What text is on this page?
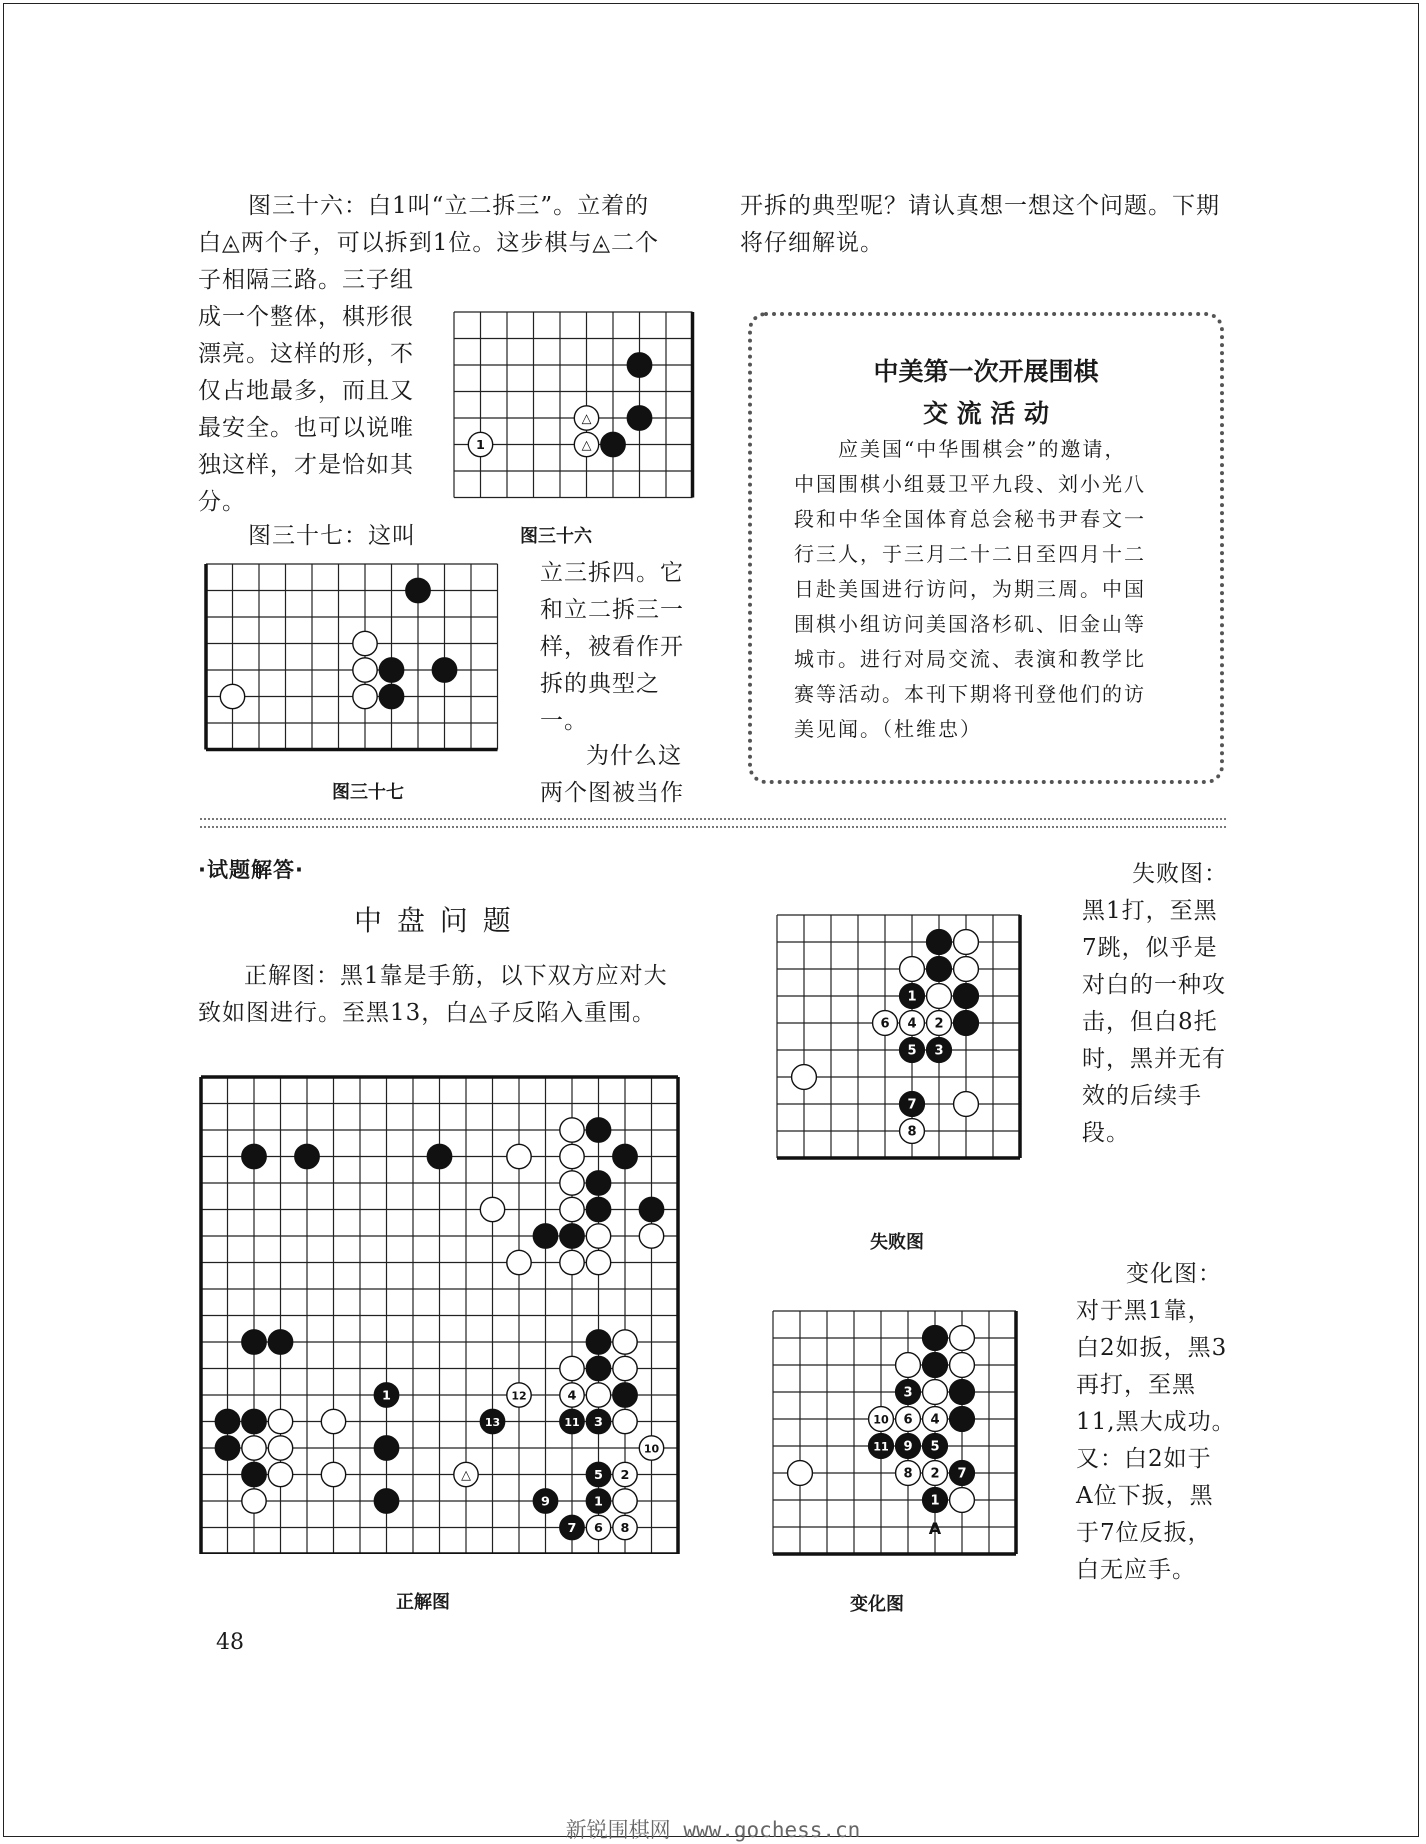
图三十六：白1叫“立二拆三”。立着的
白◬两个子，可以拆到1位。这步棋与◬二个
子相隔三路。三子组
成一个整体，棋形很
漂亮。这样的形，不
仅占地最多，而且又
最安全。也可以说唯
独这样，才是恰如其
分。
图三十七：这叫
立三拆四。它
和立二拆三一
样，被看作开
拆的典型之
一。
为什么这
两个图被当作
△
△
1
图三十六
图三十七
开拆的典型呢？请认真想一想这个问题。下期
将仔细解说。
中美第一次开展围棋
交 流 活 动
应美国“中华围棋会”的邀请，
中国围棋小组聂卫平九段、刘小光八
段和中华全国体育总会秘书尹春文一
行三人，于三月二十二日至四月十二
日赴美国进行访问，为期三周。中国
围棋小组访问美国洛杉矶、旧金山等
城市。进行对局交流、表演和教学比
赛等活动。本刊下期将刊登他们的访
美见闻。（杜维忠）
·试题解答·
中 盘 问 题
正解图：黑1靠是手筋，以下双方应对大
致如图进行。至黑13，白◬子反陷入重围。
1	12	4
13	11 3
10
△	5 2
9	1
7 6 8
正解图
1
6 4 2
5 3
7
8
失败图
失败图：
黑1打，至黑
7跳，似乎是
对白的一种攻
击，但白8托
时，黑并无有
效的后续手
段。
3
10 6 4
11 9 5
8 2 7
1
A
变化图
变化图：
对于黑1靠，
白2如扳，黑3
再打，至黑
11,黑大成功。
又：白2如于
A位下扳，黑
于7位反扳，
白无应手。
48
新锐围棋网 www.gochess.cn
